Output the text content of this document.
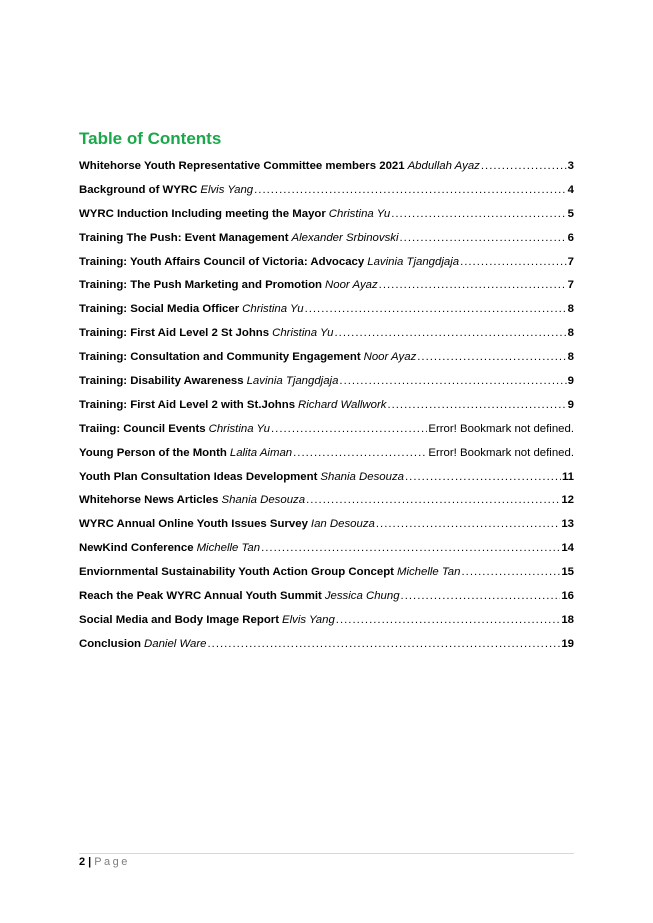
Table of Contents
Whitehorse Youth Representative Committee members 2021 Abdullah Ayaz .....	3
Background of WYRC Elvis Yang .....	4
WYRC Induction Including meeting the Mayor Christina Yu .....	5
Training The Push: Event Management Alexander Srbinovski .....	6
Training: Youth Affairs Council of Victoria: Advocacy Lavinia Tjangdjaja .....	7
Training: The Push Marketing and Promotion Noor Ayaz .....	7
Training: Social Media Officer Christina Yu .....	8
Training: First Aid Level 2 St Johns Christina Yu .....	8
Training: Consultation and Community Engagement Noor Ayaz .....	8
Training: Disability Awareness Lavinia Tjangdjaja .....	9
Training: First Aid Level 2 with St.Johns Richard Wallwork .....	9
Traiing: Council Events Christina Yu .....	Error! Bookmark not defined.
Young Person of the Month Lalita Aiman .....	Error! Bookmark not defined.
Youth Plan Consultation Ideas Development Shania Desouza .....	11
Whitehorse News Articles Shania Desouza .....	12
WYRC Annual Online Youth Issues Survey Ian Desouza .....	13
NewKind Conference Michelle Tan .....	14
Enviornmental Sustainability Youth Action Group Concept Michelle Tan .....	15
Reach the Peak WYRC Annual Youth Summit Jessica Chung .....	16
Social Media and Body Image Report Elvis Yang .....	18
Conclusion Daniel Ware .....	19
2 | Page
